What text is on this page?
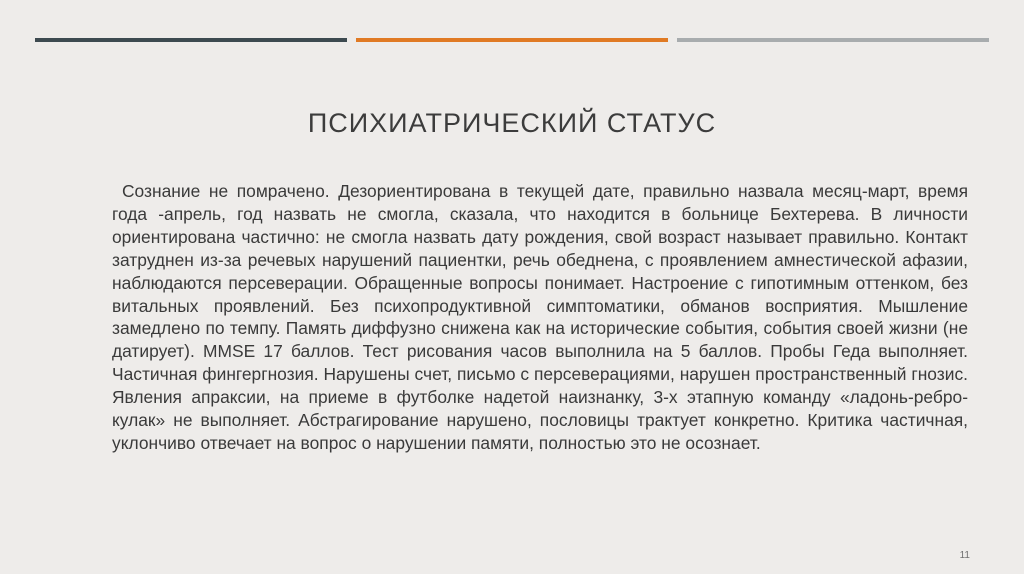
ПСИХИАТРИЧЕСКИЙ СТАТУС

Сознание не помрачено. Дезориентирована в текущей дате, правильно назвала месяц-март, время года -апрель, год назвать не смогла, сказала, что находится в больнице Бехтерева. В личности ориентирована частично: не смогла назвать дату рождения, свой возраст называет правильно. Контакт затруднен из-за речевых нарушений пациентки, речь обеднена, с проявлением амнестической афазии, наблюдаются персеверации. Обращенные вопросы понимает. Настроение с гипотимным оттенком, без витальных проявлений. Без психопродуктивной симптоматики, обманов восприятия. Мышление замедлено по темпу. Память диффузно снижена как на исторические события, события своей жизни (не датирует). MMSE 17 баллов. Тест рисования часов выполнила на 5 баллов. Пробы Геда выполняет. Частичная фингергнозия. Нарушены счет, письмо с персеверациями, нарушен пространственный гнозис. Явления апраксии, на приеме в футболке надетой наизнанку, 3-х этапную команду «ладонь-ребро-кулак» не выполняет. Абстрагирование нарушено, пословицы трактует конкретно. Критика частичная, уклончиво отвечает на вопрос о нарушении памяти, полностью это не осознает.

11
